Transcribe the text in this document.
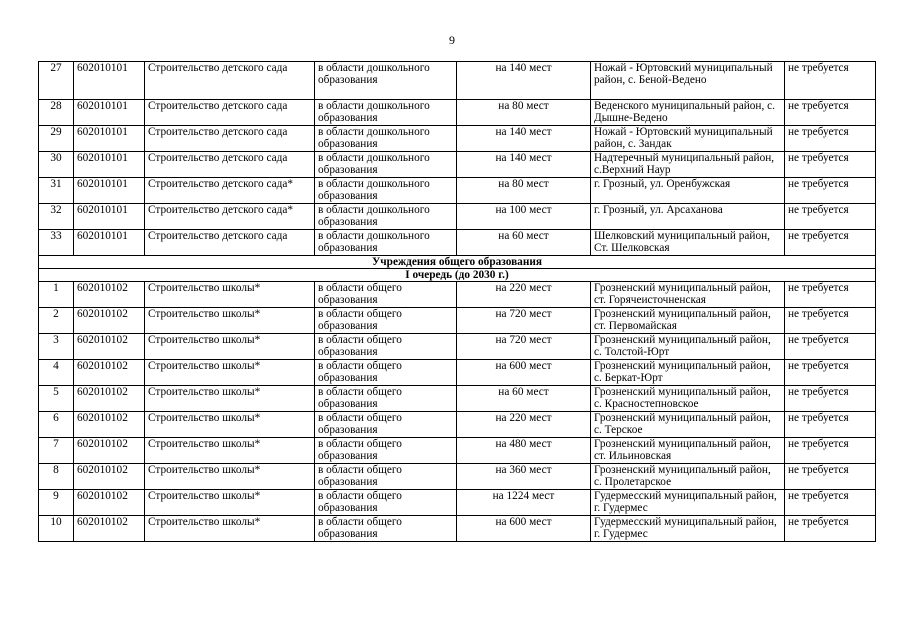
9
27	602010101	Строительство детского сада	в области дошкольного образования	на 140 мест	Ножай - Юртовский муниципальный район, с. Беной-Ведено	не требуется
28	602010101	Строительство детского сада	в области дошкольного образования	на 80 мест	Веденского муниципальный район, с. Дышне-Ведено	не требуется
29	602010101	Строительство детского сада	в области дошкольного образования	на 140 мест	Ножай - Юртовский муниципальный район, с. Зандак	не требуется
30	602010101	Строительство детского сада	в области дошкольного образования	на 140 мест	Надтеречный муниципальный район, с.Верхний Наур	не требуется
31	602010101	Строительство детского сада*	в области дошкольного образования	на 80 мест	г. Грозный, ул. Оренбужская	не требуется
32	602010101	Строительство детского сада*	в области дошкольного образования	на 100 мест	г. Грозный, ул. Арсаханова	не требуется
33	602010101	Строительство детского сада	в области дошкольного образования	на 60 мест	Шелковский муниципальный район, Ст. Шелковская	не требуется
Учреждения общего образования						
I очередь (до 2030 г.)						
1	602010102	Строительство школы*	в области общего образования	на 220 мест	Грозненский муниципальный район, ст. Горячеисточненская	не требуется
2	602010102	Строительство школы*	в области общего образования	на 720 мест	Грозненский муниципальный район, ст. Первомайская	не требуется
3	602010102	Строительство школы*	в области общего образования	на 720 мест	Грозненский муниципальный район, с. Толстой-Юрт	не требуется
4	602010102	Строительство школы*	в области общего образования	на 600 мест	Грозненский муниципальный район, с. Беркат-Юрт	не требуется
5	602010102	Строительство школы*	в области общего образования	на 60 мест	Грозненский муниципальный район, с. Красностепновское	не требуется
6	602010102	Строительство школы*	в области общего образования	на 220 мест	Грозненский муниципальный район, с. Терское	не требуется
7	602010102	Строительство школы*	в области общего образования	на 480 мест	Грозненский муниципальный район, ст. Ильиновская	не требуется
8	602010102	Строительство школы*	в области общего образования	на 360 мест	Грозненский муниципальный район, с. Пролетарское	не требуется
9	602010102	Строительство школы*	в области общего образования	на 1224 мест	Гудермесский муниципальный район, г. Гудермес	не требуется
10	602010102	Строительство школы*	в области общего образования	на 600 мест	Гудермесский муниципальный район, г. Гудермес	не требуется
